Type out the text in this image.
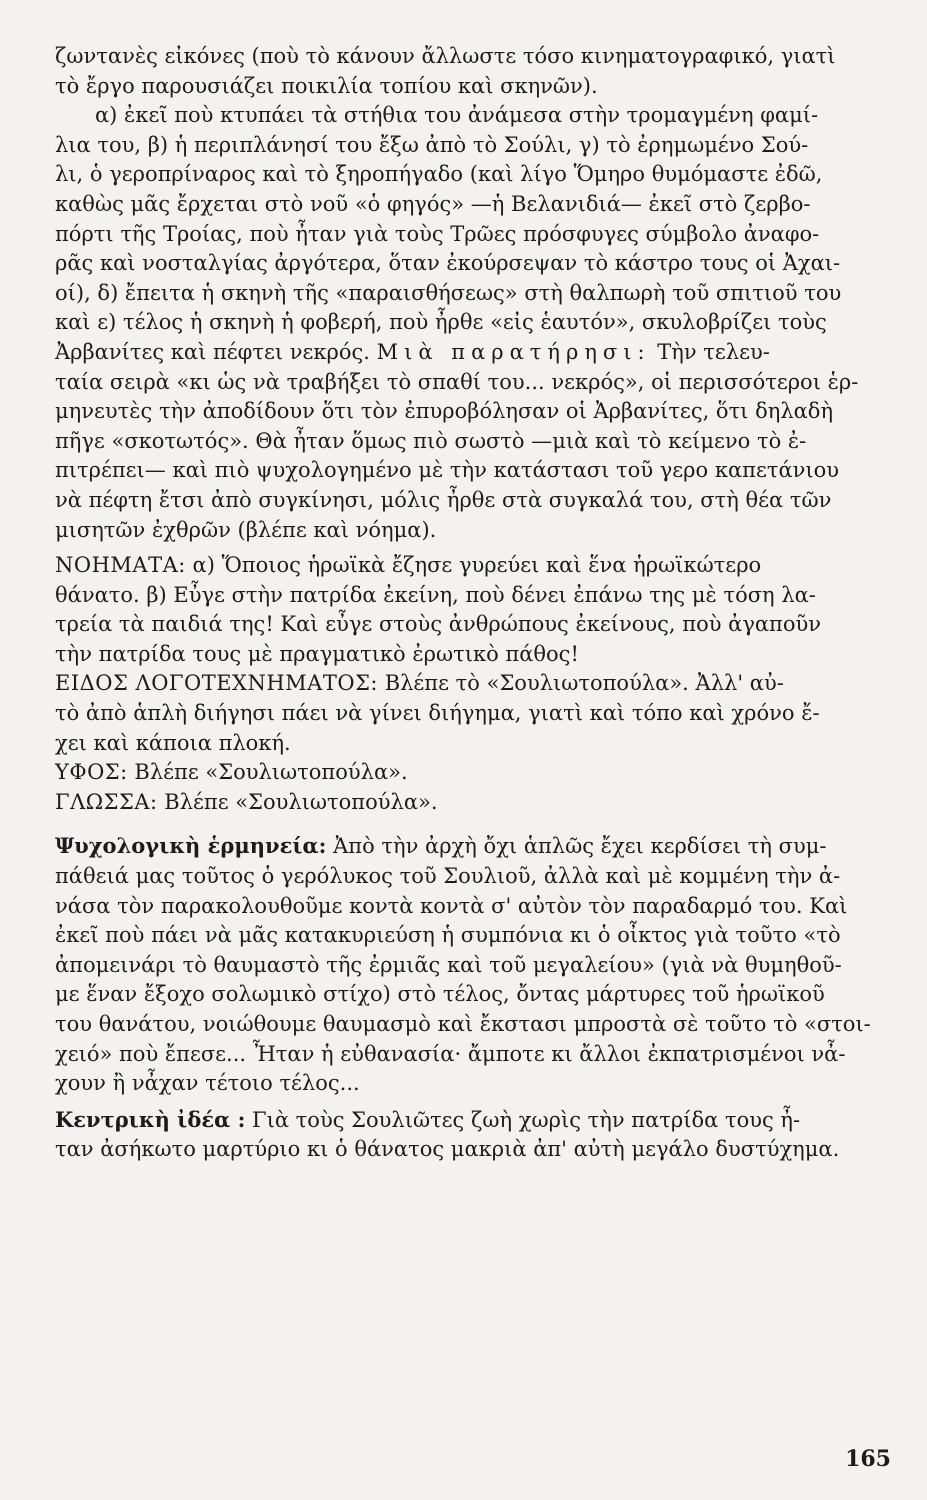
ζωντανὲς εἰκόνες (ποὺ τὸ κάνουν ἄλλωστε τόσο κινηματογραφικό, γιατὶ
τὸ ἔργο παρουσιάζει ποικιλία τοπίου καὶ σκηνῶν).
α) ἐκεῖ ποὺ κτυπάει τὰ στήθια του ἀνάμεσα στὴν τρομαγμένη φαμί-
λια του, β) ἡ περιπλάνησί του ἔξω ἀπὸ τὸ Σούλι, γ) τὸ ἐρημωμένο Σού-
λι, ὁ γεροπρίναρος καὶ τὸ ξηροπήγαδο (καὶ λίγο Ὅμηρο θυμόμαστε ἐδῶ,
καθὼς μᾶς ἔρχεται στὸ νοῦ «ὁ φηγός» —ἡ Βελανιδιά— ἐκεῖ στὸ ζερβο-
πόρτι τῆς Τροίας, ποὺ ἦταν γιὰ τοὺς Τρῶες πρόσφυγες σύμβολο ἀναφο-
ρᾶς καὶ νοσταλγίας ἀργότερα, ὅταν ἐκούρσεψαν τὸ κάστρο τους οἱ Ἀχαι-
οί), δ) ἔπειτα ἡ σκηνὴ τῆς «παραισθήσεως» στὴ θαλπωρὴ τοῦ σπιτιοῦ του
καὶ ε) τέλος ἡ σκηνὴ ἡ φοβερή, ποὺ ἦρθε «εἰς ἑαυτόν», σκυλοβρίζει τοὺς
Ἀρβανίτες καὶ πέφτει νεκρός. Μιὰ παρατήρησι: Τὴν τελευ-
ταία σειρὰ «κι ὡς νὰ τραβήξει τὸ σπαθί του... νεκρός», οἱ περισσότεροι ἑρ-
μηνευτὲς τὴν ἀποδίδουν ὅτι τὸν ἐπυροβόλησαν οἱ Ἀρβανίτες, ὅτι δηλαδὴ
πῆγε «σκοτωτός». Θὰ ἦταν ὅμως πιὸ σωστὸ —μιὰ καὶ τὸ κείμενο τὸ ἐ-
πιτρέπει— καὶ πιὸ ψυχολογημένο μὲ τὴν κατάστασι τοῦ γερο καπετάνιου
νὰ πέφτη ἔτσι ἀπὸ συγκίνησι, μόλις ἦρθε στὰ συγκαλά του, στὴ θέα τῶν
μισητῶν ἐχθρῶν (βλέπε καὶ νόημα).
ΝΟΗΜΑΤΑ: α) Ὅποιος ἡρωϊκὰ ἔζησε γυρεύει καὶ ἕνα ἡρωϊκώτερο
θάνατο. β) Εὖγε στὴν πατρίδα ἐκείνη, ποὺ δένει ἐπάνω της μὲ τόση λα-
τρεία τὰ παιδιά της! Καὶ εὖγε στοὺς ἀνθρώπους ἐκείνους, ποὺ ἀγαποῦν
τὴν πατρίδα τους μὲ πραγματικὸ ἐρωτικὸ πάθος!
ΕΙΔΟΣ ΛΟΓΟΤΕΧΝΗΜΑΤΟΣ: Βλέπε τὸ «Σουλιωτοπούλα». Ἀλλ' αὐ-
τὸ ἀπὸ ἁπλὴ διήγησι πάει νὰ γίνει διήγημα, γιατὶ καὶ τόπο καὶ χρόνο ἔ-
χει καὶ κάποια πλοκή.
ΥΦΟΣ: Βλέπε «Σουλιωτοπούλα».
ΓΛΩΣΣΑ: Βλέπε «Σουλιωτοπούλα».
Ψυχολογικὴ ἑρμηνεία: Ἀπὸ τὴν ἀρχὴ ὄχι ἁπλῶς ἔχει κερδίσει τὴ συμ-
πάθειά μας τοῦτος ὁ γερόλυκος τοῦ Σουλιοῦ, ἀλλὰ καὶ μὲ κομμένη τὴν ἀ-
νάσα τὸν παρακολουθοῦμε κοντὰ κοντὰ σ' αὐτὸν τὸν παραδαρμό του. Καὶ
ἐκεῖ ποὺ πάει νὰ μᾶς κατακυριεύση ἡ συμπόνια κι ὁ οἶκτος γιὰ τοῦτο «τὸ
ἀπομεινάρι τὸ θαυμαστὸ τῆς ἐρμιᾶς καὶ τοῦ μεγαλείου» (γιὰ νὰ θυμηθοῦ-
με ἕναν ἔξοχο σολωμικὸ στίχο) στὸ τέλος, ὄντας μάρτυρες τοῦ ἡρωϊκοῦ
του θανάτου, νοιώθουμε θαυμασμὸ καὶ ἔκστασι μπροστὰ σὲ τοῦτο τὸ «στοι-
χειό» ποὺ ἔπεσε... Ἦταν ἡ εὐθανασία· ἄμποτε κι ἄλλοι ἐκπατρισμένοι νἆ-
χουν ἢ νἆχαν τέτοιο τέλος...
Κεντρικὴ ἰδέα : Γιὰ τοὺς Σουλιῶτες ζωὴ χωρὶς τὴν πατρίδα τους ἦ-
ταν ἀσήκωτο μαρτύριο κι ὁ θάνατος μακριὰ ἀπ' αὐτὴ μεγάλο δυστύχημα.
165
